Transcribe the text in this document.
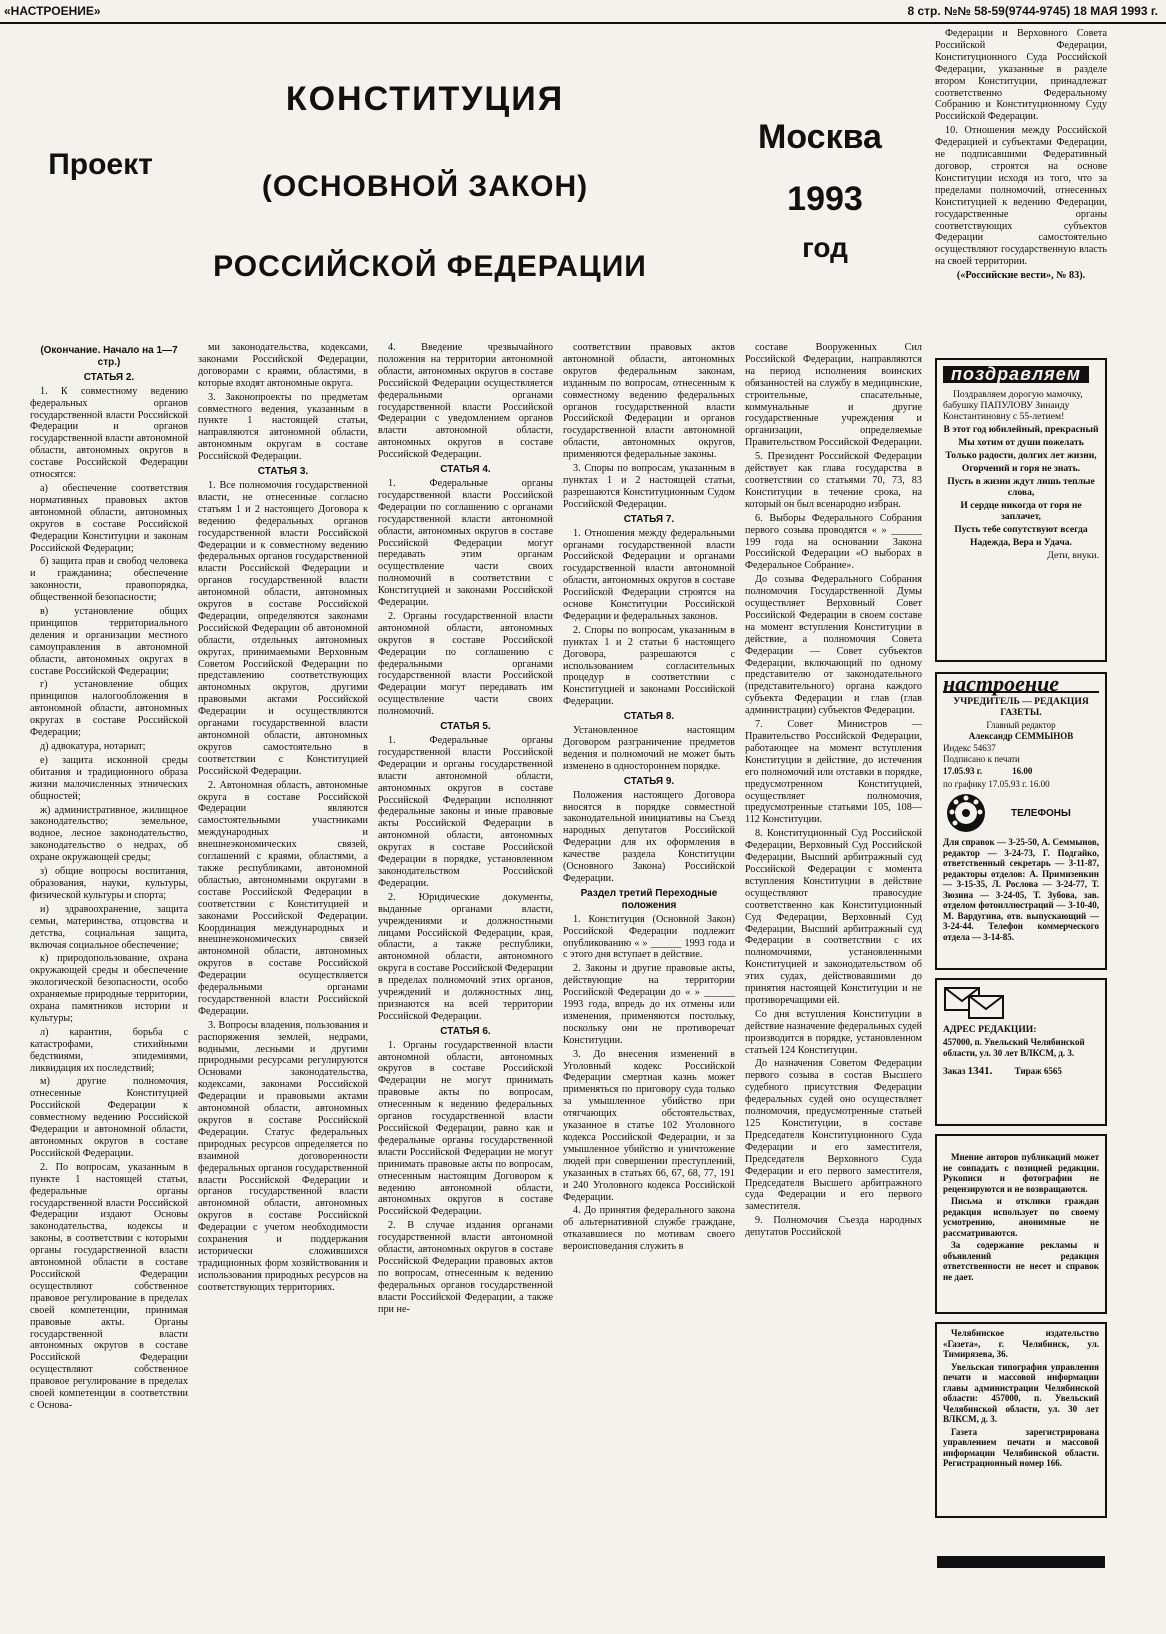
«НАСТРОЕНИЕ»	8 стр. №№ 58-59(9744-9745) 18 МАЯ 1993 г.
Проект
КОНСТИТУЦИЯ
(ОСНОВНОЙ ЗАКОН)
РОССИЙСКОЙ ФЕДЕРАЦИИ
Москва
1993
год

Федерации и Верховного Совета Российской Федерации, Конституционного Суда Российской Федерации, указанные в разделе втором Конституции, принадлежат соответственно Федеральному Собранию и Конституционному Суду Российской Федерации.

10. Отношения между Российской Федерацией и субъектами Федерации, не подписавшими Федеративный договор, строятся на основе Конституции исходя из того, что за пределами полномочий, отнесенных Конституцией к ведению Федерации, государственные органы соответствующих субъектов Федерации самостоятельно осуществляют государственную власть на своей территории.

(«Российские вести», № 83).

(Окончание. Начало на 1—7 стр.)

СТАТЬЯ 2.

1. К совместному ведению федеральных органов государственной власти Российской Федерации и органов государственной власти автономной области, автономных округов в составе Российской Федерации относятся:

а) обеспечение соответствия нормативных правовых актов автономной области, автономных округов в составе Российской Федерации Конституции и законам Российской Федерации;

б) защита прав и свобод человека и гражданина; обеспечение законности, правопорядка, общественной безопасности;

в) установление общих принципов территориального деления и организации местного самоуправления в автономной области, автономных округах в составе Российской Федерации;

г) установление общих принципов налогообложения в автономной области, автономных округах в составе Российской Федерации;

д) адвокатура, нотариат;

е) защита исконной среды обитания и традиционного образа жизни малочисленных этнических общностей;

ж) административное, жилищное законодательство; земельное, водное, лесное законодательство, законодательство о недрах, об охране окружающей среды;

з) общие вопросы воспитания, образования, науки, культуры, физической культуры и спорта;

и) здравоохранение, защита семьи, материнства, отцовства и детства, социальная защита, включая социальное обеспечение;

к) природопользование, охрана окружающей среды и обеспечение экологической безопасности, особо охраняемые природные территории, охрана памятников истории и культуры;

л) карантин, борьба с катастрофами, стихийными бедствиями, эпидемиями, ликвидация их последствий;

м) другие полномочия, отнесенные Конституцией Российской Федерации к совместному ведению Российской Федерации и автономной области, автономных округов в составе Российской Федерации.

2. По вопросам, указанным в пункте 1 настоящей статьи, федеральные органы государственной власти Российской Федерации издают Основы законодательства, кодексы и законы, в соответствии с которыми органы государственной власти автономной области в составе Российской Федерации осуществляют собственное правовое регулирование в пределах своей компетенции, принимая правовые акты. Органы государственной власти автономных округов в составе Российской Федерации осуществляют собственное правовое регулирование в пределах своей компетенции в соответствии с Основа-

ми законодательства, кодексами, законами Российской Федерации, договорами с краями, областями, в которые входят автономные округа.

3. Законопроекты по предметам совместного ведения, указанным в пункте 1 настоящей статьи, направляются автономной области, автономным округам в составе Российской Федерации.

СТАТЬЯ 3.

1. Все полномочия государственной власти, не отнесенные согласно статьям 1 и 2 настоящего Договора к ведению федеральных органов государственной власти Российской Федерации и к совместному ведению федеральных органов государственной власти Российской Федерации и органов государственной власти автономной области, автономных округов в составе Российской Федерации, определяются законами Российской Федерации об автономной области, отдельных автономных округах, принимаемыми Верховным Советом Российской Федерации по представлению соответствующих автономных округов, другими правовыми актами Российской Федерации и осуществляются органами государственной власти автономной области, автономных округов самостоятельно в соответствии с Конституцией Российской Федерации.

2. Автономная область, автономные округа в составе Российской Федерации являются самостоятельными участниками международных и внешнеэкономических связей, соглашений с краями, областями, а также республиками, автономной областью, автономными округами в составе Российской Федерации в соответствии с Конституцией и законами Российской Федерации. Координация международных и внешнеэкономических связей автономной области, автономных округов в составе Российской Федерации осуществляется федеральными органами государственной власти Российской Федерации.

3. Вопросы владения, пользования и распоряжения землей, недрами, водными, лесными и другими природными ресурсами регулируются Основами законодательства, кодексами, законами Российской Федерации и правовыми актами автономной области, автономных округов в составе Российской Федерации. Статус федеральных природных ресурсов определяется по взаимной договоренности федеральных органов государственной власти Российской Федерации и органов государственной власти автономной области, автономных округов в составе Российской Федерации с учетом необходимости сохранения и поддержания исторически сложившихся традиционных форм хозяйствования и использования природных ресурсов на соответствующих территориях.

4. Введение чрезвычайного положения на территории автономной области, автономных округов в составе Российской Федерации осуществляется федеральными органами государственной власти Российской Федерации с уведомлением органов власти автономной области, автономных округов в составе Российской Федерации.

СТАТЬЯ 4.

1. Федеральные органы государственной власти Российской Федерации по соглашению с органами государственной власти автономной области, автономных округов в составе Российской Федерации могут передавать этим органам осуществление части своих полномочий в соответствии с Конституцией и законами Российской Федерации.

2. Органы государственной власти автономной области, автономных округов в составе Российской Федерации по соглашению с федеральными органами государственной власти Российской Федерации могут передавать им осуществление части своих полномочий.

СТАТЬЯ 5.

1. Федеральные органы государственной власти Российской Федерации и органы государственной власти автономной области, автономных округов в составе Российской Федерации исполняют федеральные законы и иные правовые акты Российской Федерации в автономной области, автономных округах в составе Российской Федерации в порядке, установленном законодательством Российской Федерации.

2. Юридические документы, выданные органами власти, учреждениями и должностными лицами Российской Федерации, края, области, а также республики, автономной области, автономного округа в составе Российской Федерации в пределах полномочий этих органов, учреждений и должностных лиц, признаются на всей территории Российской Федерации.

СТАТЬЯ 6.

1. Органы государственной власти автономной области, автономных округов в составе Российской Федерации не могут принимать правовые акты по вопросам, отнесенным к ведению федеральных органов государственной власти Российской Федерации, равно как и федеральные органы государственной власти Российской Федерации не могут принимать правовые акты по вопросам, отнесенным настоящим Договором к ведению автономной области, автономных округов в составе Российской Федерации.

2. В случае издания органами государственной власти автономной области, автономных округов в составе Российской Федерации правовых актов по вопросам, отнесенным к ведению федеральных органов государственной власти Российской Федерации, а также при не-

соответствии правовых актов автономной области, автономных округов федеральным законам, изданным по вопросам, отнесенным к совместному ведению федеральных органов государственной власти Российской Федерации и органов государственной власти автономной области, автономных округов, применяются федеральные законы.

3. Споры по вопросам, указанным в пунктах 1 и 2 настоящей статьи, разрешаются Конституционным Судом Российской Федерации.

СТАТЬЯ 7.

1. Отношения между федеральными органами государственной власти Российской Федерации и органами государственной власти автономной области, автономных округов в составе Российской Федерации строятся на основе Конституции Российской Федерации и федеральных законов.

2. Споры по вопросам, указанным в пунктах 1 и 2 статьи 6 настоящего Договора, разрешаются с использованием согласительных процедур в соответствии с Конституцией и законами Российской Федерации.

СТАТЬЯ 8.

Установленное настоящим Договором разграничение предметов ведения и полномочий не может быть изменено в одностороннем порядке.

СТАТЬЯ 9.

Положения настоящего Договора вносятся в порядке совместной законодательной инициативы на Съезд народных депутатов Российской Федерации для их оформления в качестве раздела Конституции (Основного Закона) Российской Федерации.

Раздел третий Переходные положения

1. Конституция (Основной Закон) Российской Федерации подлежит опубликованию « » ______ 1993 года и с этого дня вступает в действие.

2. Законы и другие правовые акты, действующие на территории Российской Федерации до « » ______ 1993 года, впредь до их отмены или изменения, применяются постольку, поскольку они не противоречат Конституции.

3. До внесения изменений в Уголовный кодекс Российской Федерации смертная казнь может применяться по приговору суда только за умышленное убийство при отягчающих обстоятельствах, указанное в статье 102 Уголовного кодекса Российской Федерации, и за умышленное убийство и уничтожение людей при совершении преступлений, указанных в статьях 66, 67, 68, 77, 191 и 240 Уголовного кодекса Российской Федерации.

4. До принятия федерального закона об альтернативной службе граждане, отказавшиеся по мотивам своего вероисповедания служить в

составе Вооруженных Сил Российской Федерации, направляются на период исполнения воинских обязанностей на службу в медицинские, строительные, спасательные, коммунальные и другие государственные учреждения и организации, определяемые Правительством Российской Федерации.

5. Президент Российской Федерации действует как глава государства в соответствии со статьями 70, 73, 83 Конституции в течение срока, на который он был всенародно избран.

6. Выборы Федерального Собрания первого созыва проводятся « » ______ 199 года на основании Закона Российской Федерации «О выборах в Федеральное Собрание».

До созыва Федерального Собрания полномочия Государственной Думы осуществляет Верховный Совет Российской Федерации в своем составе на момент вступления Конституции в действие, а полномочия Совета Федерации — Совет субъектов Федерации, включающий по одному представителю от законодательного (представительного) органа каждого субъекта Федерации и глав (глав администрации) субъектов Федерации.

7. Совет Министров — Правительство Российской Федерации, работающее на момент вступления Конституции в действие, до истечения его полномочий или отставки в порядке, предусмотренном Конституцией, осуществляет полномочия, предусмотренные статьями 105, 108—112 Конституции.

8. Конституционный Суд Российской Федерации, Верховный Суд Российской Федерации, Высший арбитражный суд Российской Федерации с момента вступления Конституции в действие осуществляют правосудие соответственно как Конституционный Суд Федерации, Верховный Суд Федерации, Высший арбитражный суд Федерации в соответствии с их полномочиями, установленными Конституцией и законодательством об этих судах, действовавшими до принятия настоящей Конституции и не противоречащими ей.

Со дня вступления Конституции в действие назначение федеральных судей производится в порядке, установленном статьей 124 Конституции.

До назначения Советом Федерации первого созыва в состав Высшего судебного присутствия Федерации федеральных судей оно осуществляет полномочия, предусмотренные статьей 125 Конституции, в составе Председателя Конституционного Суда Федерации и его заместителя, Председателя Верховного Суда Федерации и его первого заместителя, Председателя Высшего арбитражного суда Федерации и его первого заместителя.

9. Полномочия Съезда народных депутатов Российской

поздравляем

Поздравляем дорогую мамочку, бабушку ПАПУЛОВУ Зинаиду Константиновну с 55-летием!

В этот год юбилейный, прекрасный

Мы хотим от души пожелать

Только радости, долгих лет жизни,

Огорчений и горя не знать.

Пусть в жизни ждут лишь теплые слова,

И сердце никогда от горя не заплачет,

Пусть тебе сопутствуют всегда

Надежда, Вера и Удача.

Дети, внуки.

настроение

УЧРЕДИТЕЛЬ — РЕДАКЦИЯ ГАЗЕТЫ.

Главный редактор

Александр СЕММЫНОВ

Индекс 54637

Подписано к печати

17.05.93 г.	16.00

по графику 17.05.93 г. 16.00

ТЕЛЕФОНЫ

Для справок — 3-25-50, А. Семмынов, редактор — 3-24-73, Г. Подгайко, ответственный секретарь — 3-11-87, редакторы отделов: А. Примизенкин — 3-15-35, Л. Рослова — 3-24-77, Т. Зюзина — 3-24-05, Т. Зубова, зав. отделом фотоиллюстраций — 3-10-40, М. Вардугина, отв. выпускающий — 3-24-44. Телефон коммерческого отдела — 3-14-85.

АДРЕС РЕДАКЦИИ:

457000, п. Увельский Челябинской области, ул. 30 лет ВЛКСМ, д. 3.

Заказ 1341. Тираж 6565

Мнение авторов публикаций может не совпадать с позицией редакции. Рукописи и фотографии не рецензируются и не возвращаются.

Письма и отклики граждан редакция использует по своему усмотрению, анонимные не рассматриваются.

За содержание рекламы и объявлений редакция ответственности не несет и справок не дает.

Челябинское издательство «Газета», г. Челябинск, ул. Тимирязева, 36.

Увельская типография управления печати и массовой информации главы администрации Челябинской области: 457000, п. Увельский Челябинской области, ул. 30 лет ВЛКСМ, д. 3.

Газета зарегистрирована управлением печати и массовой информации Челябинской области. Регистрационный номер 166.
